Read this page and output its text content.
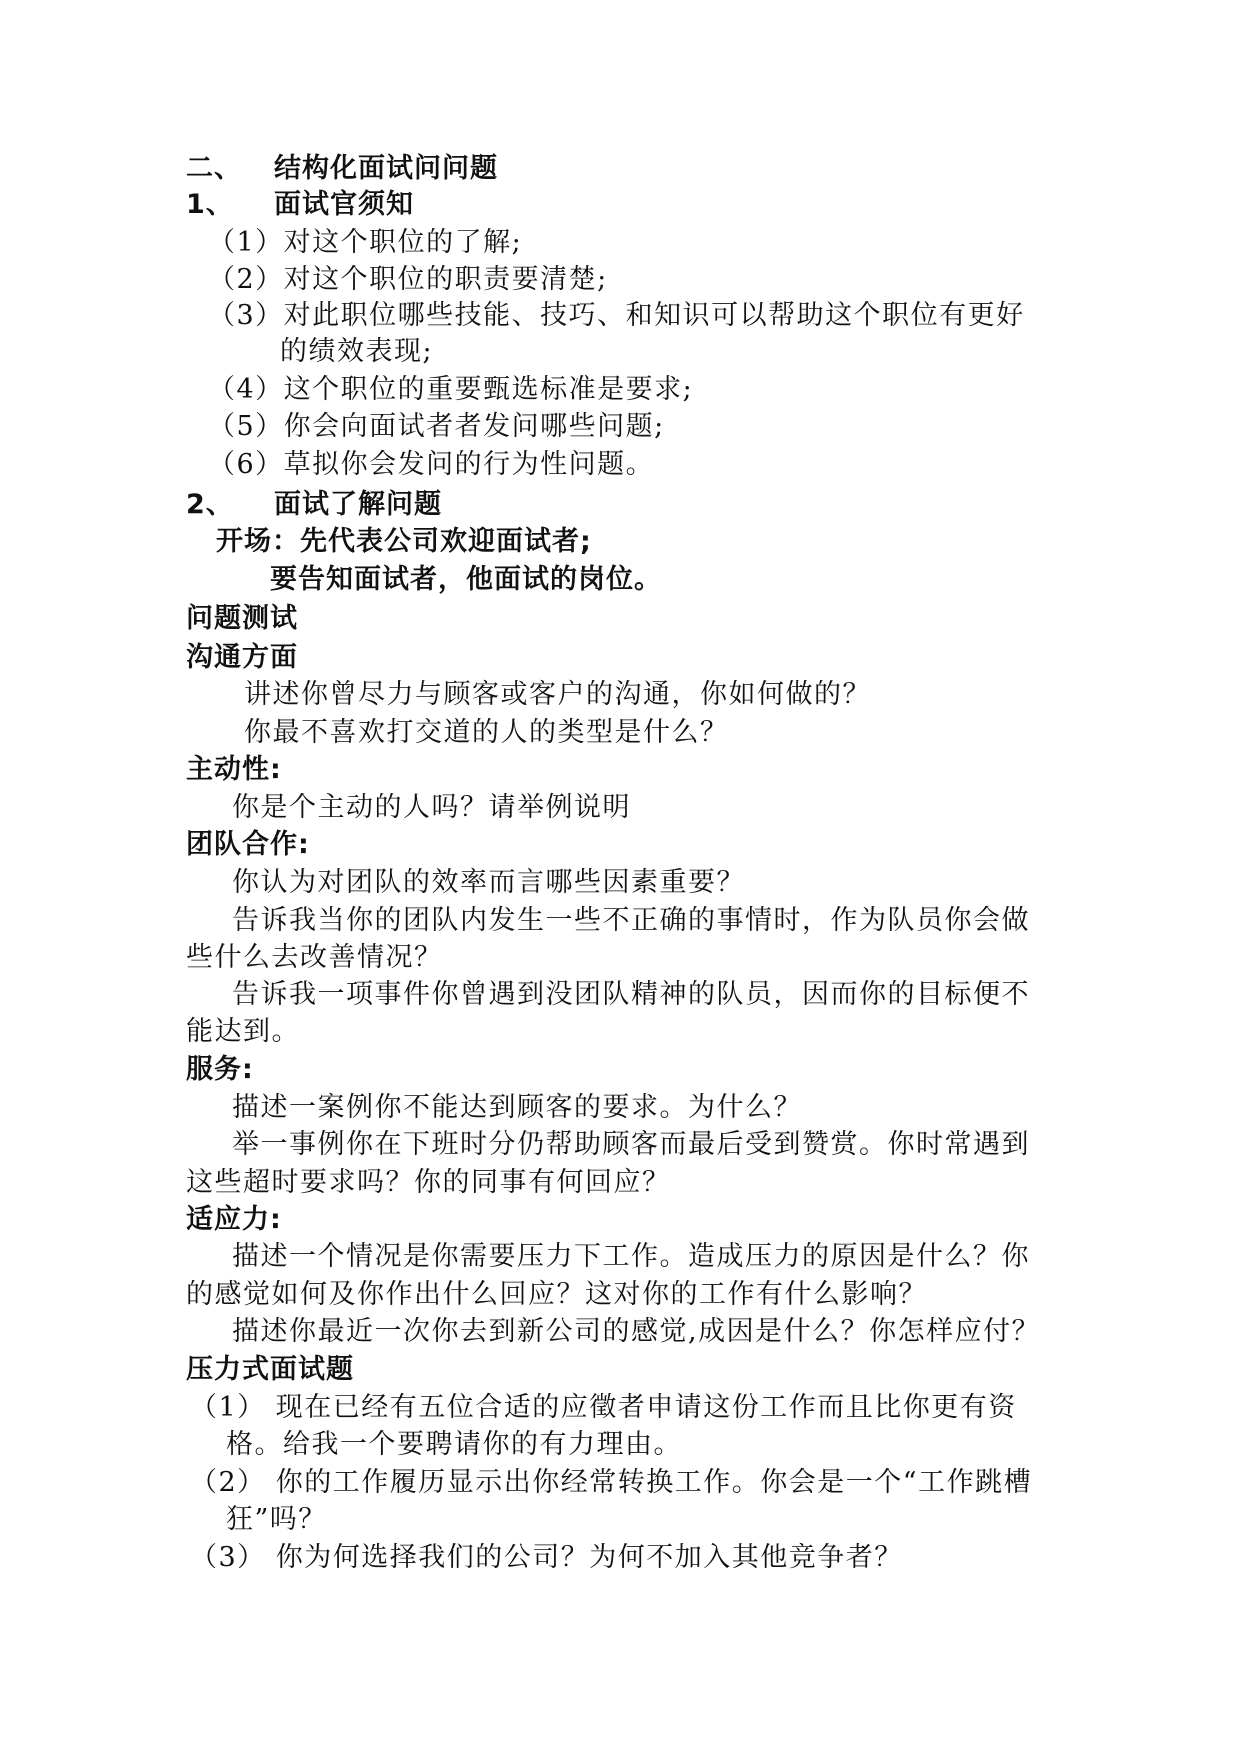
二、 结构化面试问问题
1、 面试官须知
（1）对这个职位的了解;
（2）对这个职位的职责要清楚;
（3）对此职位哪些技能、技巧、和知识可以帮助这个职位有更好
的绩效表现;
（4）这个职位的重要甄选标准是要求;
（5）你会向面试者者发问哪些问题;
（6）草拟你会发问的行为性问题。
2、 面试了解问题
开场：先代表公司欢迎面试者;
要告知面试者，他面试的岗位。
问题测试
沟通方面
讲述你曾尽力与顾客或客户的沟通，你如何做的？
你最不喜欢打交道的人的类型是什么？
主动性:
你是个主动的人吗？请举例说明
团队合作:
你认为对团队的效率而言哪些因素重要？
告诉我当你的团队内发生一些不正确的事情时，作为队员你会做
些什么去改善情况？
告诉我一项事件你曾遇到没团队精神的队员，因而你的目标便不
能达到。
服务:
描述一案例你不能达到顾客的要求。为什么？
举一事例你在下班时分仍帮助顾客而最后受到赞赏。你时常遇到
这些超时要求吗？你的同事有何回应？
适应力:
描述一个情况是你需要压力下工作。造成压力的原因是什么？你
的感觉如何及你作出什么回应？这对你的工作有什么影响？
描述你最近一次你去到新公司的感觉,成因是什么？你怎样应付？
压力式面试题
（1） 现在已经有五位合适的应徵者申请这份工作而且比你更有资
格。给我一个要聘请你的有力理由。
（2） 你的工作履历显示出你经常转换工作。你会是一个“工作跳槽
狂”吗？
（3） 你为何选择我们的公司？为何不加入其他竞争者？
